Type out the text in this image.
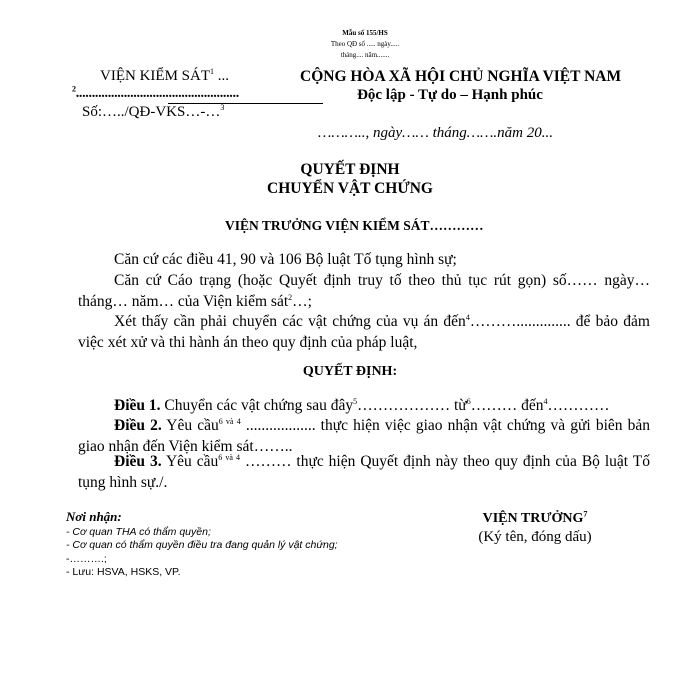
Mẫu số 155/HS
Theo QĐ số ..... ngày.....
tháng.... năm.......
VIỆN KIỂM SÁT$^1$ ...
$^2$...................................................
Số:…../QĐ-VKS…-…$^3$
CỘNG HÒA XÃ HỘI CHỦ NGHĨA VIỆT NAM
Độc lập - Tự do – Hạnh phúc
……….., ngày…… tháng…….năm 20...
QUYẾT ĐỊNH
CHUYỂN VẬT CHỨNG
VIỆN TRƯỞNG VIỆN KIỂM SÁT…………
Căn cứ các điều 41, 90 và 106 Bộ luật Tố tụng hình sự;
Căn cứ Cáo trạng (hoặc Quyết định truy tố theo thủ tục rút gọn) số…… ngày… tháng… năm… của Viện kiểm sát$^2$…;
Xét thấy cần phải chuyển các vật chứng của vụ án đến$^4$……….............. để bảo đảm việc xét xử và thi hành án theo quy định của pháp luật,
QUYẾT ĐỊNH:
Điều 1. Chuyển các vật chứng sau đây$^5$……………… từ$^6$……… đến$^4$…………
Điều 2. Yêu cầu$^{6 và 4}$ .................. thực hiện việc giao nhận vật chứng và gửi biên bản giao nhận đến Viện kiểm sát……..
Điều 3. Yêu cầu$^{6 và 4}$ ……… thực hiện Quyết định này theo quy định của Bộ luật Tố tụng hình sự./.
Nơi nhận:
- Cơ quan THA có thẩm quyền;
- Cơ quan có thẩm quyền điều tra đang quản lý vật chứng;
-……….;
- Lưu: HSVA, HSKS, VP.
VIỆN TRƯỞNG$^7$
(Ký tên, đóng dấu)
